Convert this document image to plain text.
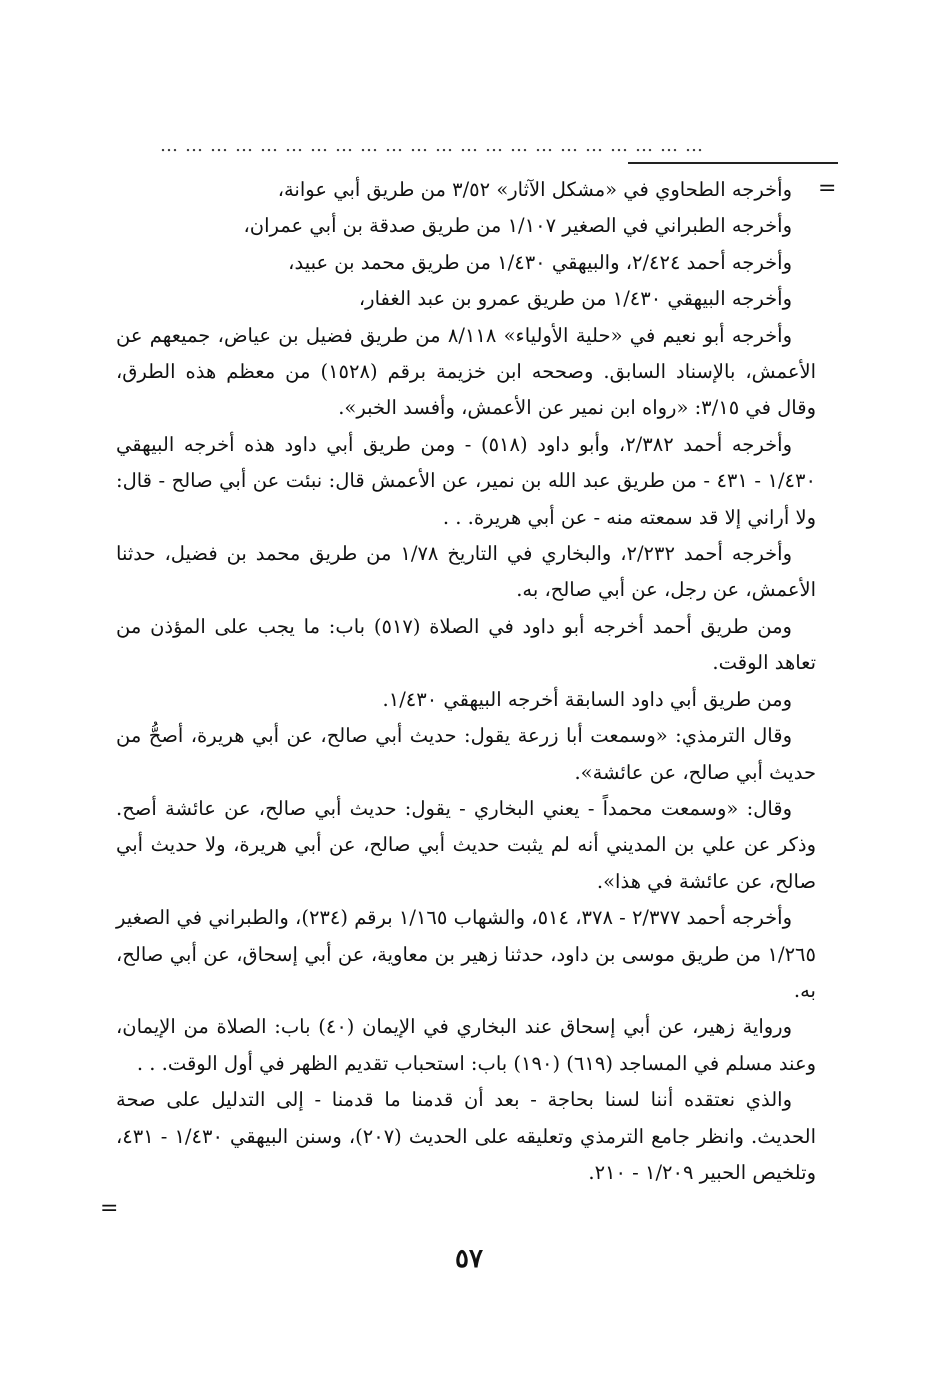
…………………………………………………………
=

وأخرجه الطحاوي في «مشكل الآثار» ٣/٥٢ من طريق أبي عوانة،

وأخرجه الطبراني في الصغير ١/١٠٧ من طريق صدقة بن أبي عمران،

وأخرجه أحمد ٢/٤٢٤، والبيهقي ١/٤٣٠ من طريق محمد بن عبيد،

وأخرجه البيهقي ١/٤٣٠ من طريق عمرو بن عبد الغفار،

وأخرجه أبو نعيم في «حلية الأولياء» ٨/١١٨ من طريق فضيل بن عياض، جميعهم عن الأعمش، بالإسناد السابق. وصححه ابن خزيمة برقم (١٥٢٨) من معظم هذه الطرق، وقال في ٣/١٥: «رواه ابن نمير عن الأعمش، وأفسد الخبر».

وأخرجه أحمد ٢/٣٨٢، وأبو داود (٥١٨) - ومن طريق أبي داود هذه أخرجه البيهقي ١/٤٣٠ - ٤٣١ - من طريق عبد الله بن نمير، عن الأعمش قال: نبئت عن أبي صالح - قال: ولا أراني إلا قد سمعته منه - عن أبي هريرة. . .

وأخرجه أحمد ٢/٢٣٢، والبخاري في التاريخ ١/٧٨ من طريق محمد بن فضيل، حدثنا الأعمش، عن رجل، عن أبي صالح، به.

ومن طريق أحمد أخرجه أبو داود في الصلاة (٥١٧) باب: ما يجب على المؤذن من تعاهد الوقت.

ومن طريق أبي داود السابقة أخرجه البيهقي ١/٤٣٠.

وقال الترمذي: «وسمعت أبا زرعة يقول: حديث أبي صالح، عن أبي هريرة، أصحُّ من حديث أبي صالح، عن عائشة».

وقال: «وسمعت محمداً - يعني البخاري - يقول: حديث أبي صالح، عن عائشة أصح. وذكر عن علي بن المديني أنه لم يثبت حديث أبي صالح، عن أبي هريرة، ولا حديث أبي صالح، عن عائشة في هذا».

وأخرجه أحمد ٢/٣٧٧ - ٣٧٨، ٥١٤، والشهاب ١/١٦٥ برقم (٢٣٤)، والطبراني في الصغير ١/٢٦٥ من طريق موسى بن داود، حدثنا زهير بن معاوية، عن أبي إسحاق، عن أبي صالح، به.

ورواية زهير، عن أبي إسحاق عند البخاري في الإيمان (٤٠) باب: الصلاة من الإيمان، وعند مسلم في المساجد (٦١٩) (١٩٠) باب: استحباب تقديم الظهر في أول الوقت. . .

والذي نعتقده أننا لسنا بحاجة - بعد أن قدمنا ما قدمنا - إلى التدليل على صحة الحديث. وانظر جامع الترمذي وتعليقه على الحديث (٢٠٧)، وسنن البيهقي ١/٤٣٠ - ٤٣١، وتلخيص الحبير ١/٢٠٩ - ٢١٠.

=
٥٧
